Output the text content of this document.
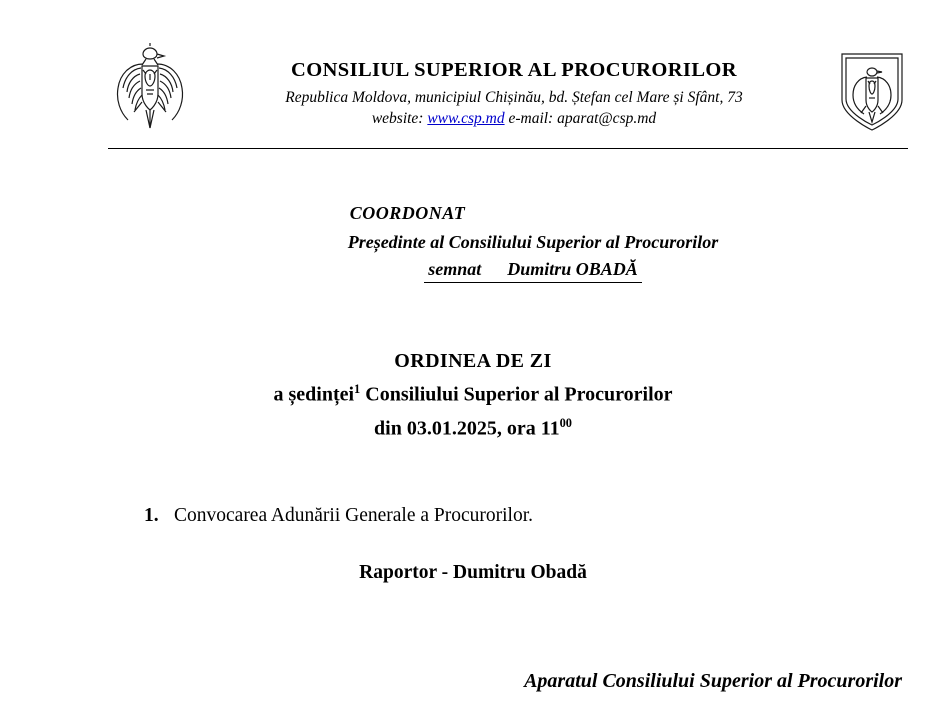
CONSILIUL SUPERIOR AL PROCURORILOR
Republica Moldova, municipiul Chișinău, bd. Ștefan cel Mare și Sfânt, 73
website: www.csp.md e-mail: aparat@csp.md
COORDONAT
Președinte al Consiliului Superior al Procurorilor
semnat Dumitru OBADĂ
ORDINEA DE ZI
a ședinței$^1$ Consiliului Superior al Procurorilor
din 03.01.2025, ora $11^{00}$
1. Convocarea Adunării Generale a Procurorilor.
Raportor - Dumitru Obadă
Aparatul Consiliului Superior al Procurorilor
